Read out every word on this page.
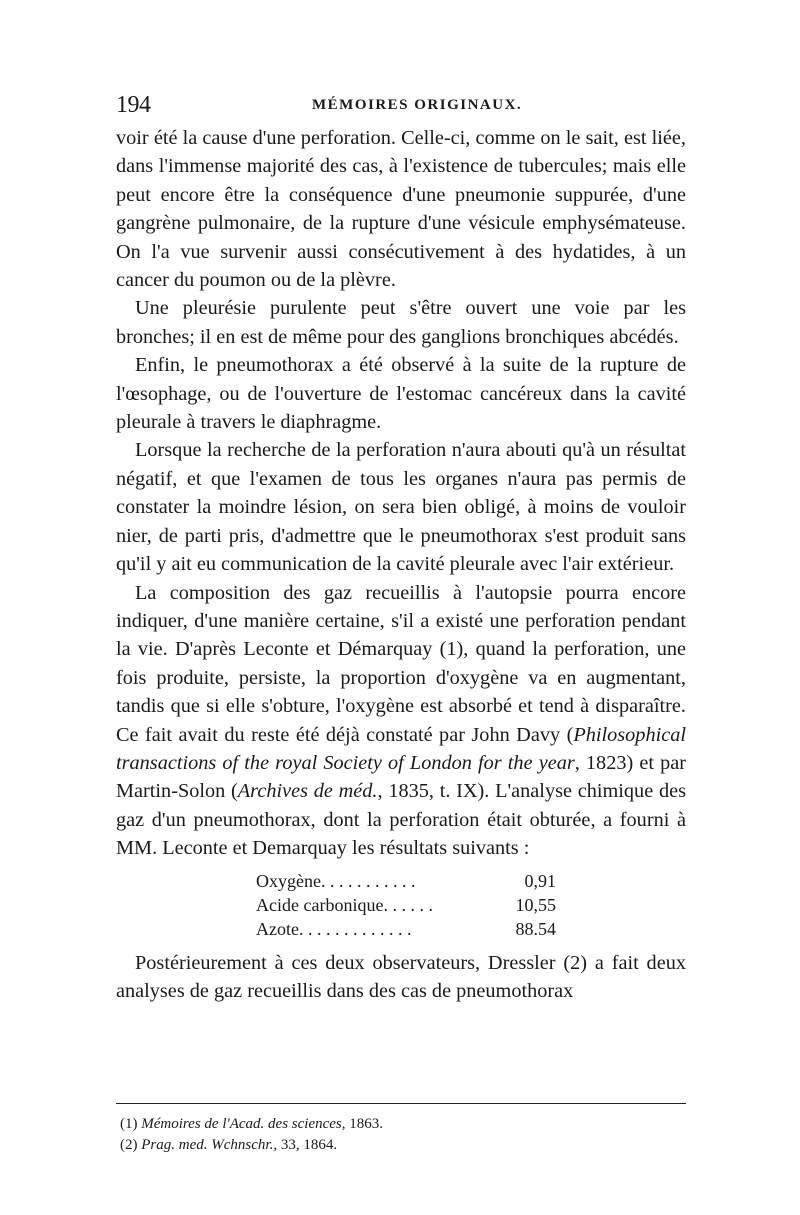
194	MÉMOIRES ORIGINAUX.

voir été la cause d'une perforation. Celle-ci, comme on le sait, est liée, dans l'immense majorité des cas, à l'existence de tubercules; mais elle peut encore être la conséquence d'une pneumonie suppurée, d'une gangrène pulmonaire, de la rupture d'une vésicule emphysémateuse. On l'a vue survenir aussi consécutivement à des hydatides, à un cancer du poumon ou de la plèvre.

Une pleurésie purulente peut s'être ouvert une voie par les bronches; il en est de même pour des ganglions bronchiques abcédés.

Enfin, le pneumothorax a été observé à la suite de la rupture de l'œsophage, ou de l'ouverture de l'estomac cancéreux dans la cavité pleurale à travers le diaphragme.

Lorsque la recherche de la perforation n'aura abouti qu'à un résultat négatif, et que l'examen de tous les organes n'aura pas permis de constater la moindre lésion, on sera bien obligé, à moins de vouloir nier, de parti pris, d'admettre que le pneumothorax s'est produit sans qu'il y ait eu communication de la cavité pleurale avec l'air extérieur.

La composition des gaz recueillis à l'autopsie pourra encore indiquer, d'une manière certaine, s'il a existé une perforation pendant la vie. D'après Leconte et Démarquay (1), quand la perforation, une fois produite, persiste, la proportion d'oxygène va en augmentant, tandis que si elle s'obture, l'oxygène est absorbé et tend à disparaître. Ce fait avait du reste été déjà constaté par John Davy (Philosophical transactions of the royal Society of London for the year, 1823) et par Martin-Solon (Archives de méd., 1835, t. IX). L'analyse chimique des gaz d'un pneumothorax, dont la perforation était obturée, a fourni à MM. Leconte et Demarquay les résultats suivants :

Oxygène. . . . . . . . . . .	0,91
Acide carbonique. . . . . .	10,55
Azote. . . . . . . . . . . . .	88.54

Postérieurement à ces deux observateurs, Dressler (2) a fait deux analyses de gaz recueillis dans des cas de pneumothorax

(1) Mémoires de l'Acad. des sciences, 1863.
(2) Prag. med. Wchnschr., 33, 1864.
